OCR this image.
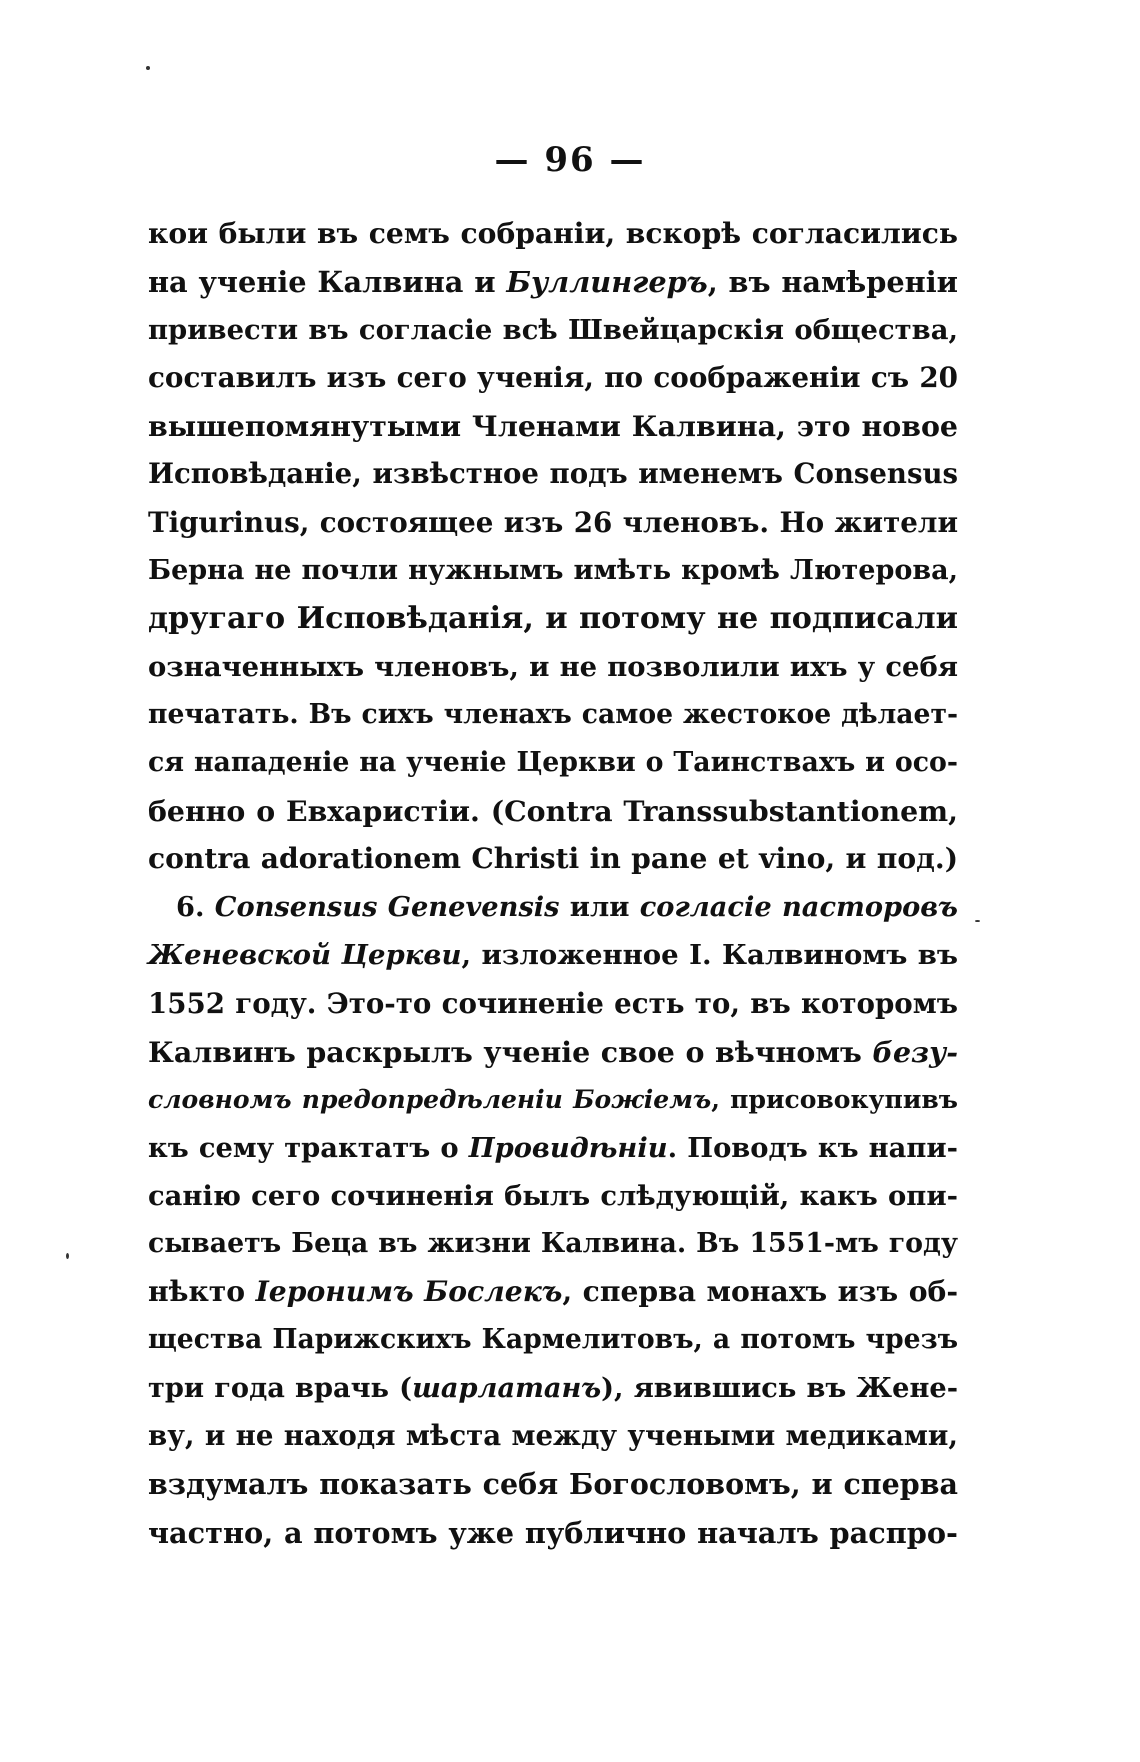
— 96 —
кои были въ семъ собраніи, вскорѣ согласились
на ученіе Калвина и Буллингеръ, въ намѣреніи
привести въ согласіе всѣ Швейцарскія общества,
составилъ изъ сего ученія, по соображеніи съ 20
вышепомянутыми Членами Калвина, это новое
Исповѣданіе, извѣстное подъ именемъ Consensus
Tigurinus, состоящее изъ 26 членовъ. Но жители
Берна не почли нужнымъ имѣть кромѣ Лютерова,
другаго Исповѣданія, и потому не подписали
означенныхъ членовъ, и не позволили ихъ у себя
печатать. Въ сихъ членахъ самое жестокое дѣлает-
ся нападеніе на ученіе Церкви о Таинствахъ и осо-
бенно о Евхаристіи. (Contra Transsubstantionem,
contra adorationem Christi in pane et vino, и под.)
6. Consensus Genevensis или согласіе пасторовъ
Женевской Церкви, изложенное І. Калвиномъ въ
1552 году. Это-то сочиненіе есть то, въ которомъ
Калвинъ раскрылъ ученіе свое о вѣчномъ безу-
словномъ предопредѣленіи Божіемъ, присовокупивъ
къ сему трактатъ о Провидѣніи. Поводъ къ напи-
санію сего сочиненія былъ слѣдующій, какъ опи-
сываетъ Беца въ жизни Калвина. Въ 1551-мъ году
нѣкто Іеронимъ Бослекъ, сперва монахъ изъ об-
щества Парижскихъ Кармелитовъ, а потомъ чрезъ
три года врачь (шарлатанъ), явившись въ Жене-
ву, и не находя мѣста между учеными медиками,
вздумалъ показать себя Богословомъ, и сперва
частно, а потомъ уже публично началъ распро-
